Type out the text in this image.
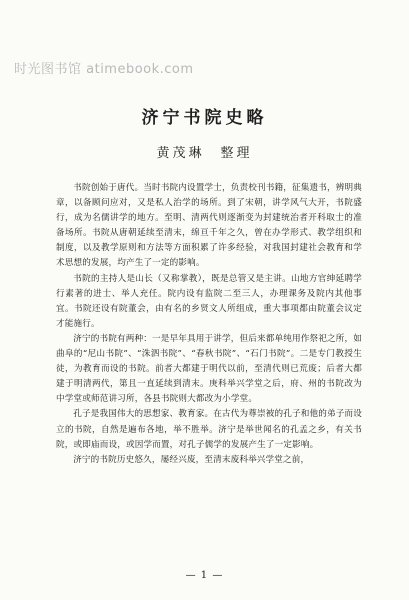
时光图书馆 atimebook.com
济宁书院史略
黄茂琳　整理

书院创始于唐代。当时书院内设置学士，负责校刊书籍，征集遗书，辨明典章，以备顾问应对，又是私人治学的场所。到了宋朝，讲学风气大开，书院盛行，成为名儒讲学的地方。至明、清两代则逐渐变为封建统治者开科取士的准备场所。书院从唐朝延续至清末，绵亘千年之久，曾在办学形式、教学组织和制度，以及教学原则和方法等方面积累了许多经验，对我国封建社会教育和学术思想的发展，均产生了一定的影响。

书院的主持人是山长（又称掌教），既是总管又是主讲。山地方官绅延聘学行素著的进士、举人充任。院内设有监院二至三人，办理课务及院内其他事宜。书院还设有院董会，由有名的乡贤文人所组成，重大事项都由院董会议定才能施行。

济宁的书院有两种：一是早年具用于讲学，但后来都单纯用作祭祀之所，如曲阜的“尼山书院”、“洙泗书院”、“春秋书院”、“石门书院”。二是专门教授生徒，为教育而设的书院。前者大都建于明代以前，至清代则已荒废；后者大都建于明清两代，第且一直延续到清末。庚科举兴学堂之后，府、州的书院改为中学堂或师范讲习所，各县书院则大都改为小学堂。

孔子是我国伟大的思想家、教育家。在古代为尊崇被的孔子和他的弟子而设立的书院，自然是遍布各地，举不胜举。济宁是举世闻名的孔孟之乡，有关书院，或即庙而设，或因学而置，对孔子儒学的发展产生了一定影响。

济宁的书院历史悠久，屡经兴废，至清末废科举兴学堂之前，

— 1 —
